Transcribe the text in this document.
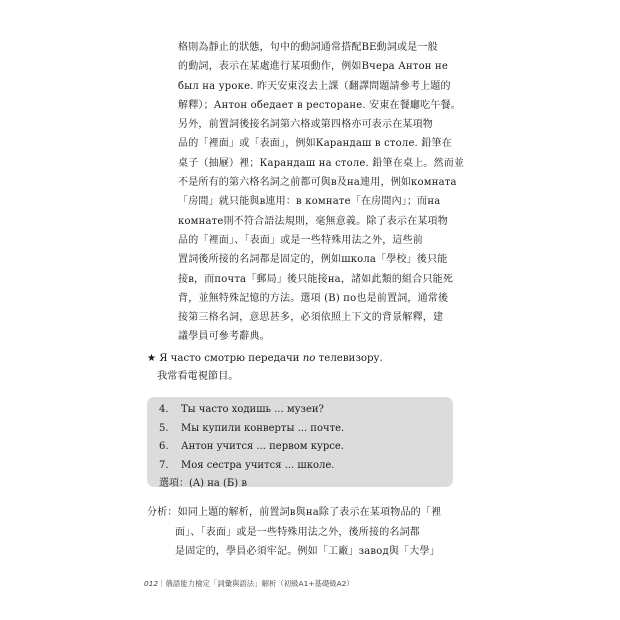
格則為靜止的狀態，句中的動詞通常搭配BE動詞或是一般
的動詞，表示在某處進行某項動作，例如Вчера Антон не
был на уроке. 昨天安東沒去上課（翻譯問題請參考上題的
解釋）；Антон обедает в ресторане. 安東在餐廳吃午餐。
另外，前置詞後接名詞第六格或第四格亦可表示在某項物
品的「裡面」或「表面」，例如Карандаш в столе. 鉛筆在
桌子（抽屜）裡；Карандаш на столе. 鉛筆在桌上。然而並
不是所有的第六格名詞之前都可與в及на連用，例如комната
「房間」就只能與в連用：в комнате「在房間內」；而на
комнате則不符合語法規則，毫無意義。除了表示在某項物
品的「裡面」、「表面」或是一些特殊用法之外，這些前
置詞後所接的名詞都是固定的，例如школа「學校」後只能
接в，而почта「郵局」後只能接на，諸如此類的組合只能死
背，並無特殊記憶的方法。選項 (B) по也是前置詞，通常後
接第三格名詞，意思甚多，必須依照上下文的背景解釋，建
議學員可參考辭典。
★ Я часто смотрю передачи по телевизору.
我常看電視節目。
4. Ты часто ходишь ... музеи?
5. Мы купили конверты ... почте.
6. Антон учится ... первом курсе.
7. Моя сестра учится ... школе.
選項：(A) на (Б) в
分析：如同上題的解析，前置詞в與на除了表示在某項物品的「裡
面」、「表面」或是一些特殊用法之外，後所接的名詞都
是固定的，學員必須牢記。例如「工廠」завод與「大學」
012｜俄語能力檢定「詞彙與語法」解析（初級A1+基礎級A2）
